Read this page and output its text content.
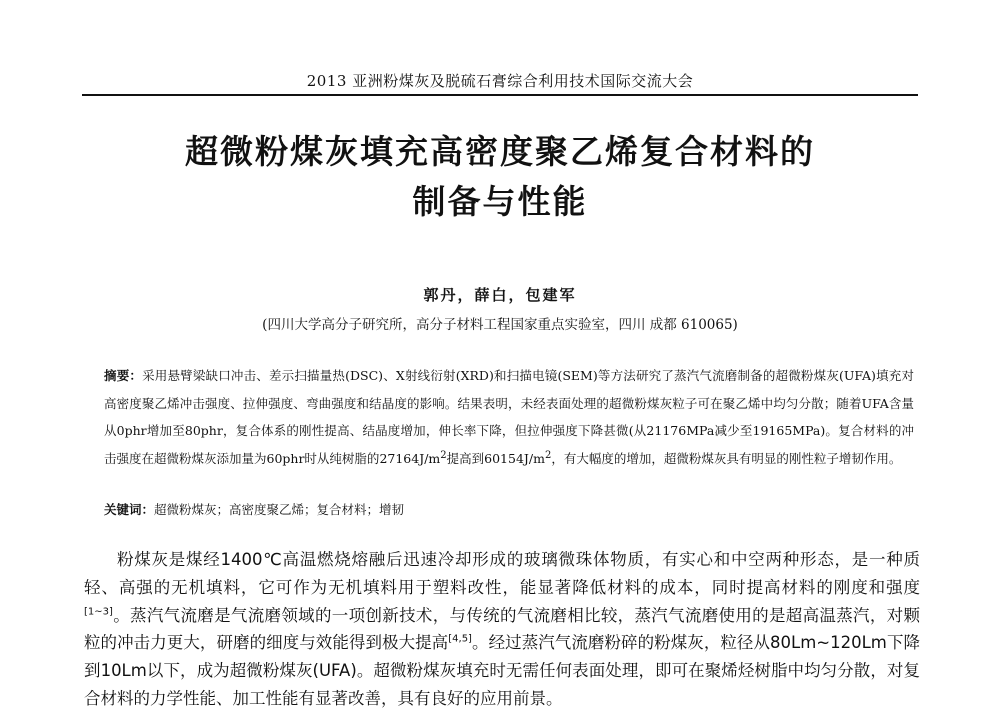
2013 亚洲粉煤灰及脱硫石膏综合利用技术国际交流大会
超微粉煤灰填充高密度聚乙烯复合材料的
制备与性能
郭丹，薛白，包建军
(四川大学高分子研究所，高分子材料工程国家重点实验室，四川 成都 610065)
摘要：采用悬臂梁缺口冲击、差示扫描量热(DSC)、X射线衍射(XRD)和扫描电镜(SEM)等方法研究了蒸汽气流磨制备的超微粉煤灰(UFA)填充对高密度聚乙烯冲击强度、拉伸强度、弯曲强度和结晶度的影响。结果表明，未经表面处理的超微粉煤灰粒子可在聚乙烯中均匀分散；随着UFA含量从0phr增加至80phr，复合体系的刚性提高、结晶度增加，伸长率下降，但拉伸强度下降甚微(从21176MPa减少至19165MPa)。复合材料的冲击强度在超微粉煤灰添加量为60phr时从纯树脂的$27164J/m^2$提高到$60154J/m^2$，有大幅度的增加，超微粉煤灰具有明显的刚性粒子增韧作用。
关键词：超微粉煤灰；高密度聚乙烯；复合材料；增韧

粉煤灰是煤经1400℃高温燃烧熔融后迅速冷却形成的玻璃微珠体物质，有实心和中空两种形态，是一种质轻、高强的无机填料，它可作为无机填料用于塑料改性，能显著降低材料的成本，同时提高材料的刚度和强度[1~3]。蒸汽气流磨是气流磨领域的一项创新技术，与传统的气流磨相比较，蒸汽气流磨使用的是超高温蒸汽，对颗粒的冲击力更大，研磨的细度与效能得到极大提高[4,5]。经过蒸汽气流磨粉碎的粉煤灰，粒径从80Lm~120Lm下降到10Lm以下，成为超微粉煤灰(UFA)。超微粉煤灰填充时无需任何表面处理，即可在聚烯烃树脂中均匀分散，对复合材料的力学性能、加工性能有显著改善，具有良好的应用前景。
